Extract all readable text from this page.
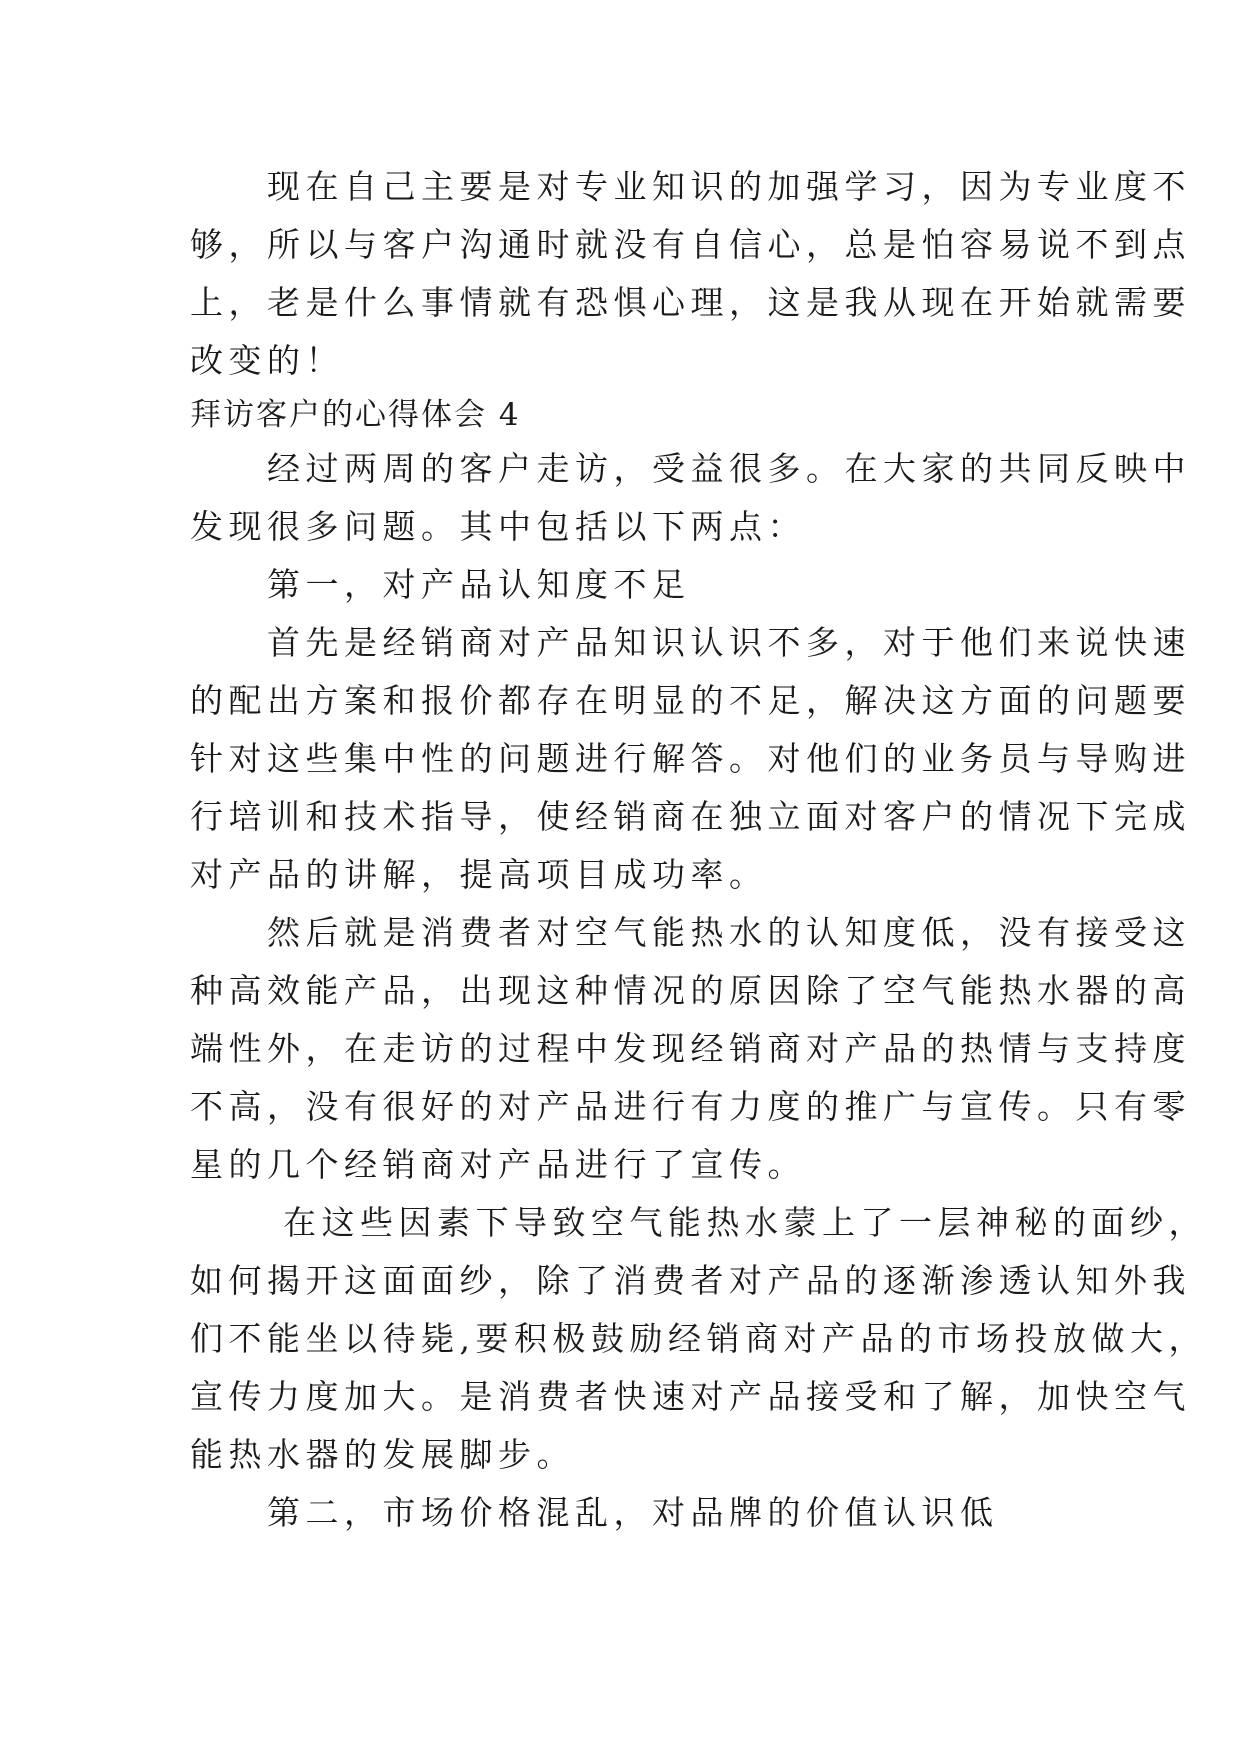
　　现在自己主要是对专业知识的加强学习，因为专业度不
够，所以与客户沟通时就没有自信心，总是怕容易说不到点
上，老是什么事情就有恐惧心理，这是我从现在开始就需要
改变的！
拜访客户的心得体会 4
　　经过两周的客户走访，受益很多。在大家的共同反映中
发现很多问题。其中包括以下两点：
　　第一，对产品认知度不足
　　首先是经销商对产品知识认识不多，对于他们来说快速
的配出方案和报价都存在明显的不足，解决这方面的问题要
针对这些集中性的问题进行解答。对他们的业务员与导购进
行培训和技术指导，使经销商在独立面对客户的情况下完成
对产品的讲解，提高项目成功率。
　　然后就是消费者对空气能热水的认知度低，没有接受这
种高效能产品，出现这种情况的原因除了空气能热水器的高
端性外，在走访的过程中发现经销商对产品的热情与支持度
不高，没有很好的对产品进行有力度的推广与宣传。只有零
星的几个经销商对产品进行了宣传。
　　 在这些因素下导致空气能热水蒙上了一层神秘的面纱，
如何揭开这面面纱，除了消费者对产品的逐渐渗透认知外我
们不能坐以待毙,要积极鼓励经销商对产品的市场投放做大，
宣传力度加大。是消费者快速对产品接受和了解，加快空气
能热水器的发展脚步。
　　第二，市场价格混乱，对品牌的价值认识低
